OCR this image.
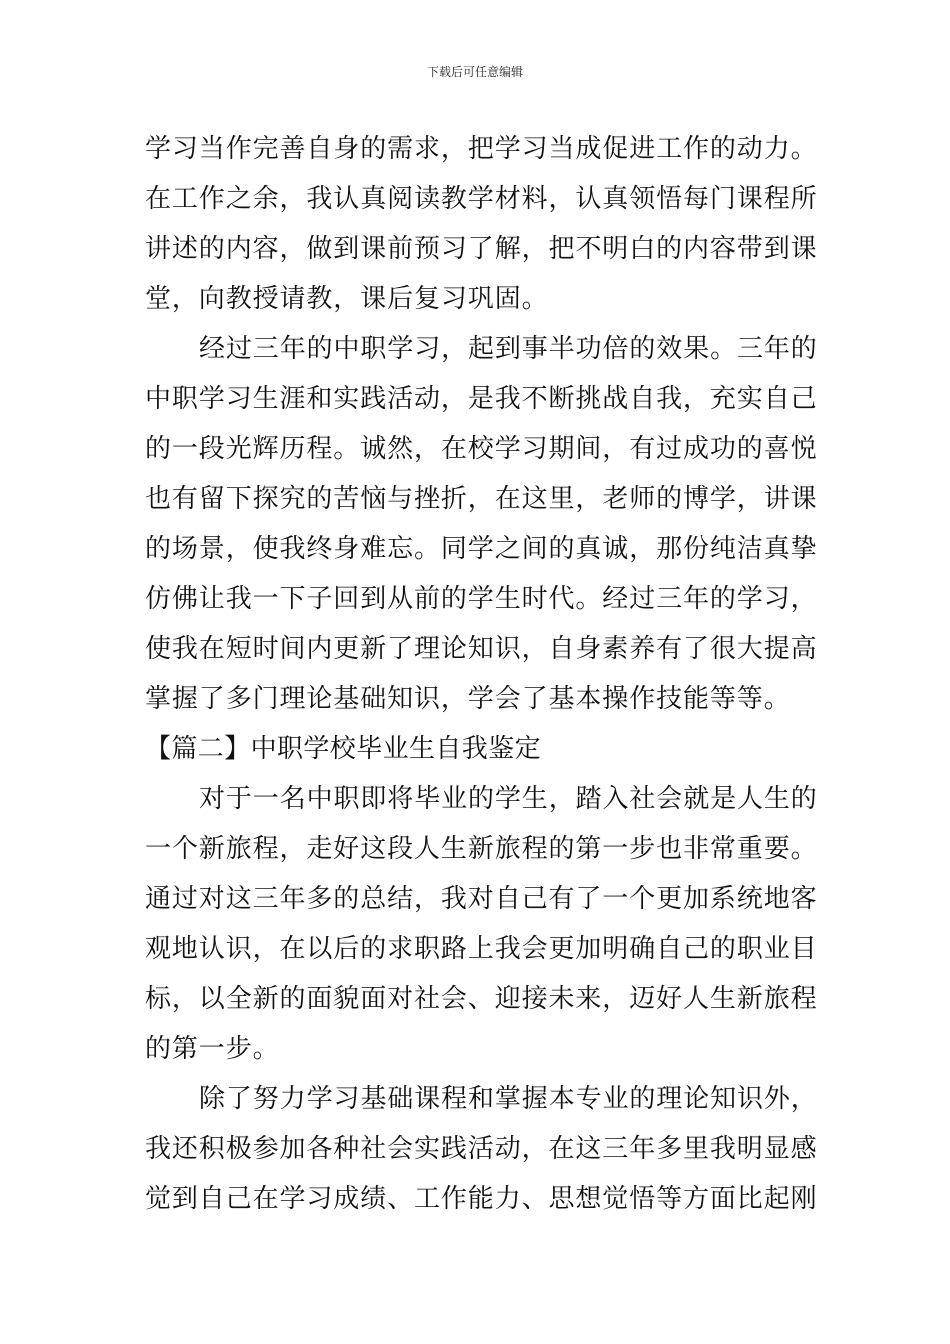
下载后可任意编辑
学习当作完善自身的需求，把学习当成促进工作的动力。
在工作之余，我认真阅读教学材料，认真领悟每门课程所
讲述的内容，做到课前预习了解，把不明白的内容带到课
堂，向教授请教，课后复习巩固。
经过三年的中职学习，起到事半功倍的效果。三年的
中职学习生涯和实践活动，是我不断挑战自我，充实自己
的一段光辉历程。诚然，在校学习期间，有过成功的喜悦
也有留下探究的苦恼与挫折，在这里，老师的博学，讲课
的场景，使我终身难忘。同学之间的真诚，那份纯洁真挚
仿佛让我一下子回到从前的学生时代。经过三年的学习，
使我在短时间内更新了理论知识，自身素养有了很大提高
掌握了多门理论基础知识，学会了基本操作技能等等。
【篇二】中职学校毕业生自我鉴定
对于一名中职即将毕业的学生，踏入社会就是人生的
一个新旅程，走好这段人生新旅程的第一步也非常重要。
通过对这三年多的总结，我对自己有了一个更加系统地客
观地认识，在以后的求职路上我会更加明确自己的职业目
标，以全新的面貌面对社会、迎接未来，迈好人生新旅程
的第一步。
除了努力学习基础课程和掌握本专业的理论知识外，
我还积极参加各种社会实践活动，在这三年多里我明显感
觉到自己在学习成绩、工作能力、思想觉悟等方面比起刚
